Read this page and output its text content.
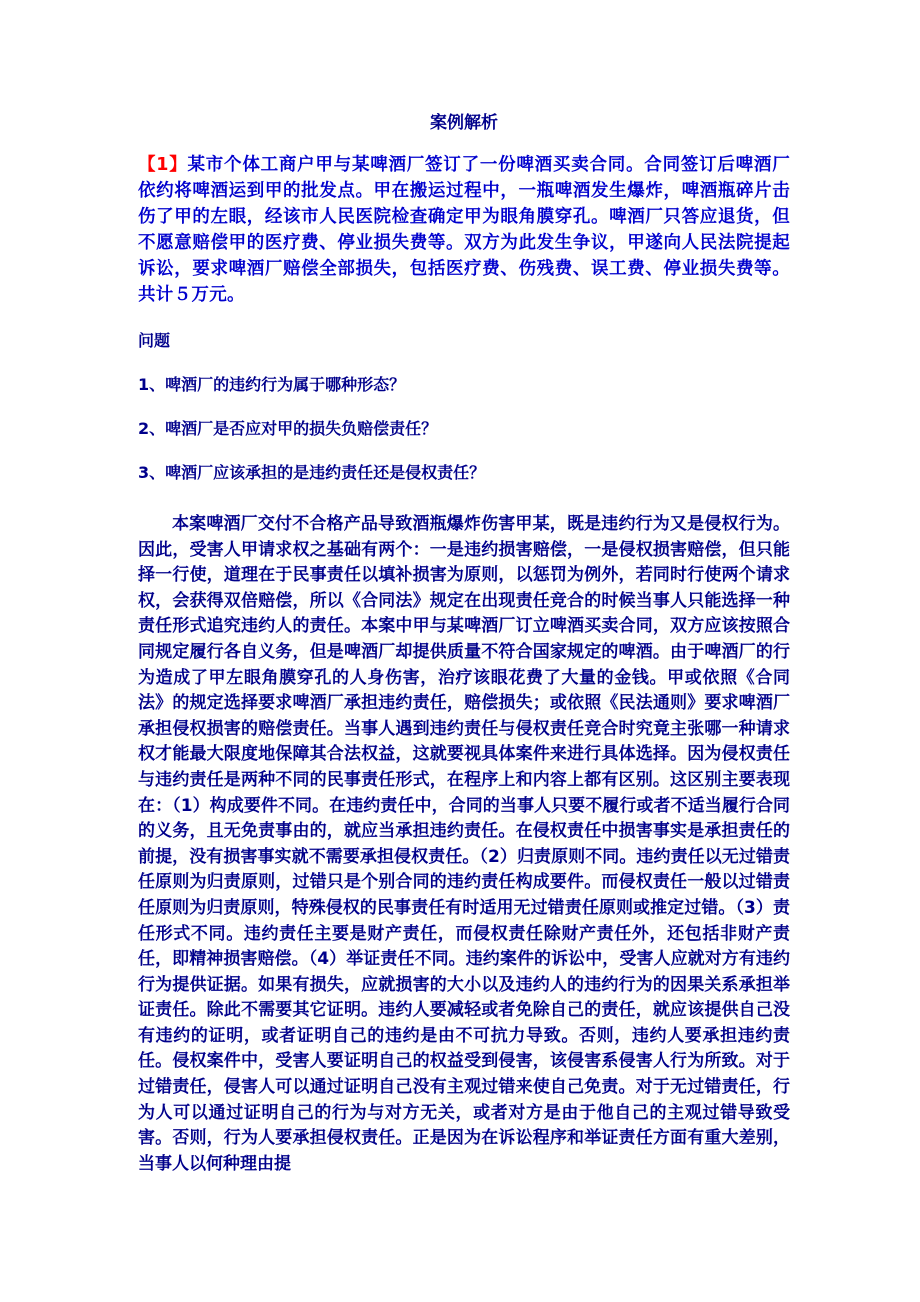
案例解析

【1】某市个体工商户甲与某啤酒厂签订了一份啤酒买卖合同。合同签订后啤酒厂依约将啤酒运到甲的批发点。甲在搬运过程中，一瓶啤酒发生爆炸，啤酒瓶碎片击伤了甲的左眼，经该市人民医院检查确定甲为眼角膜穿孔。啤酒厂只答应退货，但不愿意赔偿甲的医疗费、停业损失费等。双方为此发生争议，甲遂向人民法院提起诉讼，要求啤酒厂赔偿全部损失，包括医疗费、伤残费、误工费、停业损失费等。共计５万元。

问题

1、啤酒厂的违约行为属于哪种形态？

2、啤酒厂是否应对甲的损失负赔偿责任？

3、啤酒厂应该承担的是违约责任还是侵权责任？

本案啤酒厂交付不合格产品导致酒瓶爆炸伤害甲某，既是违约行为又是侵权行为。因此，受害人甲请求权之基础有两个：一是违约损害赔偿，一是侵权损害赔偿，但只能择一行使，道理在于民事责任以填补损害为原则，以惩罚为例外，若同时行使两个请求权，会获得双倍赔偿，所以《合同法》规定在出现责任竞合的时候当事人只能选择一种责任形式追究违约人的责任。本案中甲与某啤酒厂订立啤酒买卖合同，双方应该按照合同规定履行各自义务，但是啤酒厂却提供质量不符合国家规定的啤酒。由于啤酒厂的行为造成了甲左眼角膜穿孔的人身伤害，治疗该眼花费了大量的金钱。甲或依照《合同法》的规定选择要求啤酒厂承担违约责任，赔偿损失；或依照《民法通则》要求啤酒厂承担侵权损害的赔偿责任。当事人遇到违约责任与侵权责任竞合时究竟主张哪一种请求权才能最大限度地保障其合法权益，这就要视具体案件来进行具体选择。因为侵权责任与违约责任是两种不同的民事责任形式，在程序上和内容上都有区别。这区别主要表现在：（1）构成要件不同。在违约责任中，合同的当事人只要不履行或者不适当履行合同的义务，且无免责事由的，就应当承担违约责任。在侵权责任中损害事实是承担责任的前提，没有损害事实就不需要承担侵权责任。（2）归责原则不同。违约责任以无过错责任原则为归责原则，过错只是个别合同的违约责任构成要件。而侵权责任一般以过错责任原则为归责原则，特殊侵权的民事责任有时适用无过错责任原则或推定过错。（3）责任形式不同。违约责任主要是财产责任，而侵权责任除财产责任外，还包括非财产责任，即精神损害赔偿。（4）举证责任不同。违约案件的诉讼中，受害人应就对方有违约行为提供证据。如果有损失，应就损害的大小以及违约人的违约行为的因果关系承担举证责任。除此不需要其它证明。违约人要减轻或者免除自己的责任，就应该提供自己没有违约的证明，或者证明自己的违约是由不可抗力导致。否则，违约人要承担违约责任。侵权案件中，受害人要证明自己的权益受到侵害，该侵害系侵害人行为所致。对于过错责任，侵害人可以通过证明自己没有主观过错来使自己免责。对于无过错责任，行为人可以通过证明自己的行为与对方无关，或者对方是由于他自己的主观过错导致受害。否则，行为人要承担侵权责任。正是因为在诉讼程序和举证责任方面有重大差别，当事人以何种理由提
